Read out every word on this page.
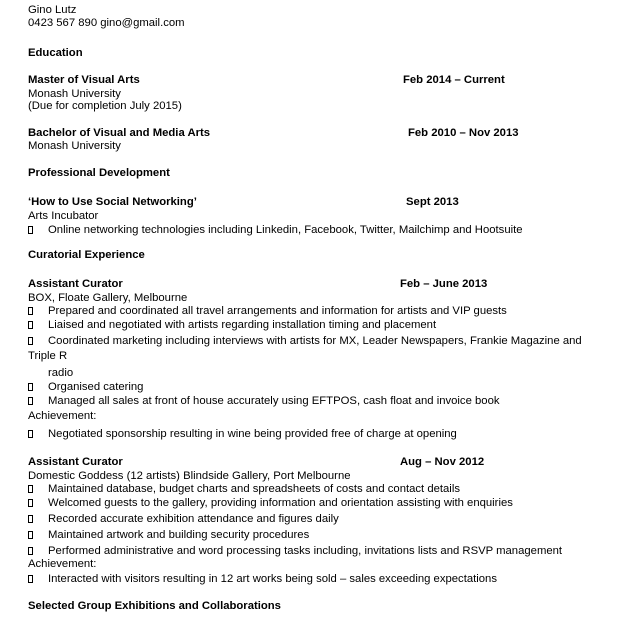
Gino Lutz
0423 567 890 gino@gmail.com
Education
Master of Visual Arts	Feb 2014 – Current
Monash University
(Due for completion July 2015)
Bachelor of Visual and Media Arts	Feb 2010 – Nov 2013
Monash University
Professional Development
‘How to Use Social Networking’	Sept 2013
Arts Incubator
Online networking technologies including Linkedin, Facebook, Twitter, Mailchimp and Hootsuite
Curatorial Experience
Assistant Curator	Feb – June 2013
BOX, Floate Gallery, Melbourne
Prepared and coordinated all travel arrangements and information for artists and VIP guests
Liaised and negotiated with artists regarding installation timing and placement
Coordinated marketing including interviews with artists for MX, Leader Newspapers, Frankie Magazine and
Triple R
radio
Organised catering
Managed all sales at front of house accurately using EFTPOS, cash float and invoice book
Achievement:
Negotiated sponsorship resulting in wine being provided free of charge at opening
Assistant Curator	Aug – Nov 2012
Domestic Goddess (12 artists) Blindside Gallery, Port Melbourne
Maintained database, budget charts and spreadsheets of costs and contact details
Welcomed guests to the gallery, providing information and orientation assisting with enquiries
Recorded accurate exhibition attendance and figures daily
Maintained artwork and building security procedures
Performed administrative and word processing tasks including, invitations lists and RSVP management
Achievement:
Interacted with visitors resulting in 12 art works being sold – sales exceeding expectations
Selected Group Exhibitions and Collaborations
